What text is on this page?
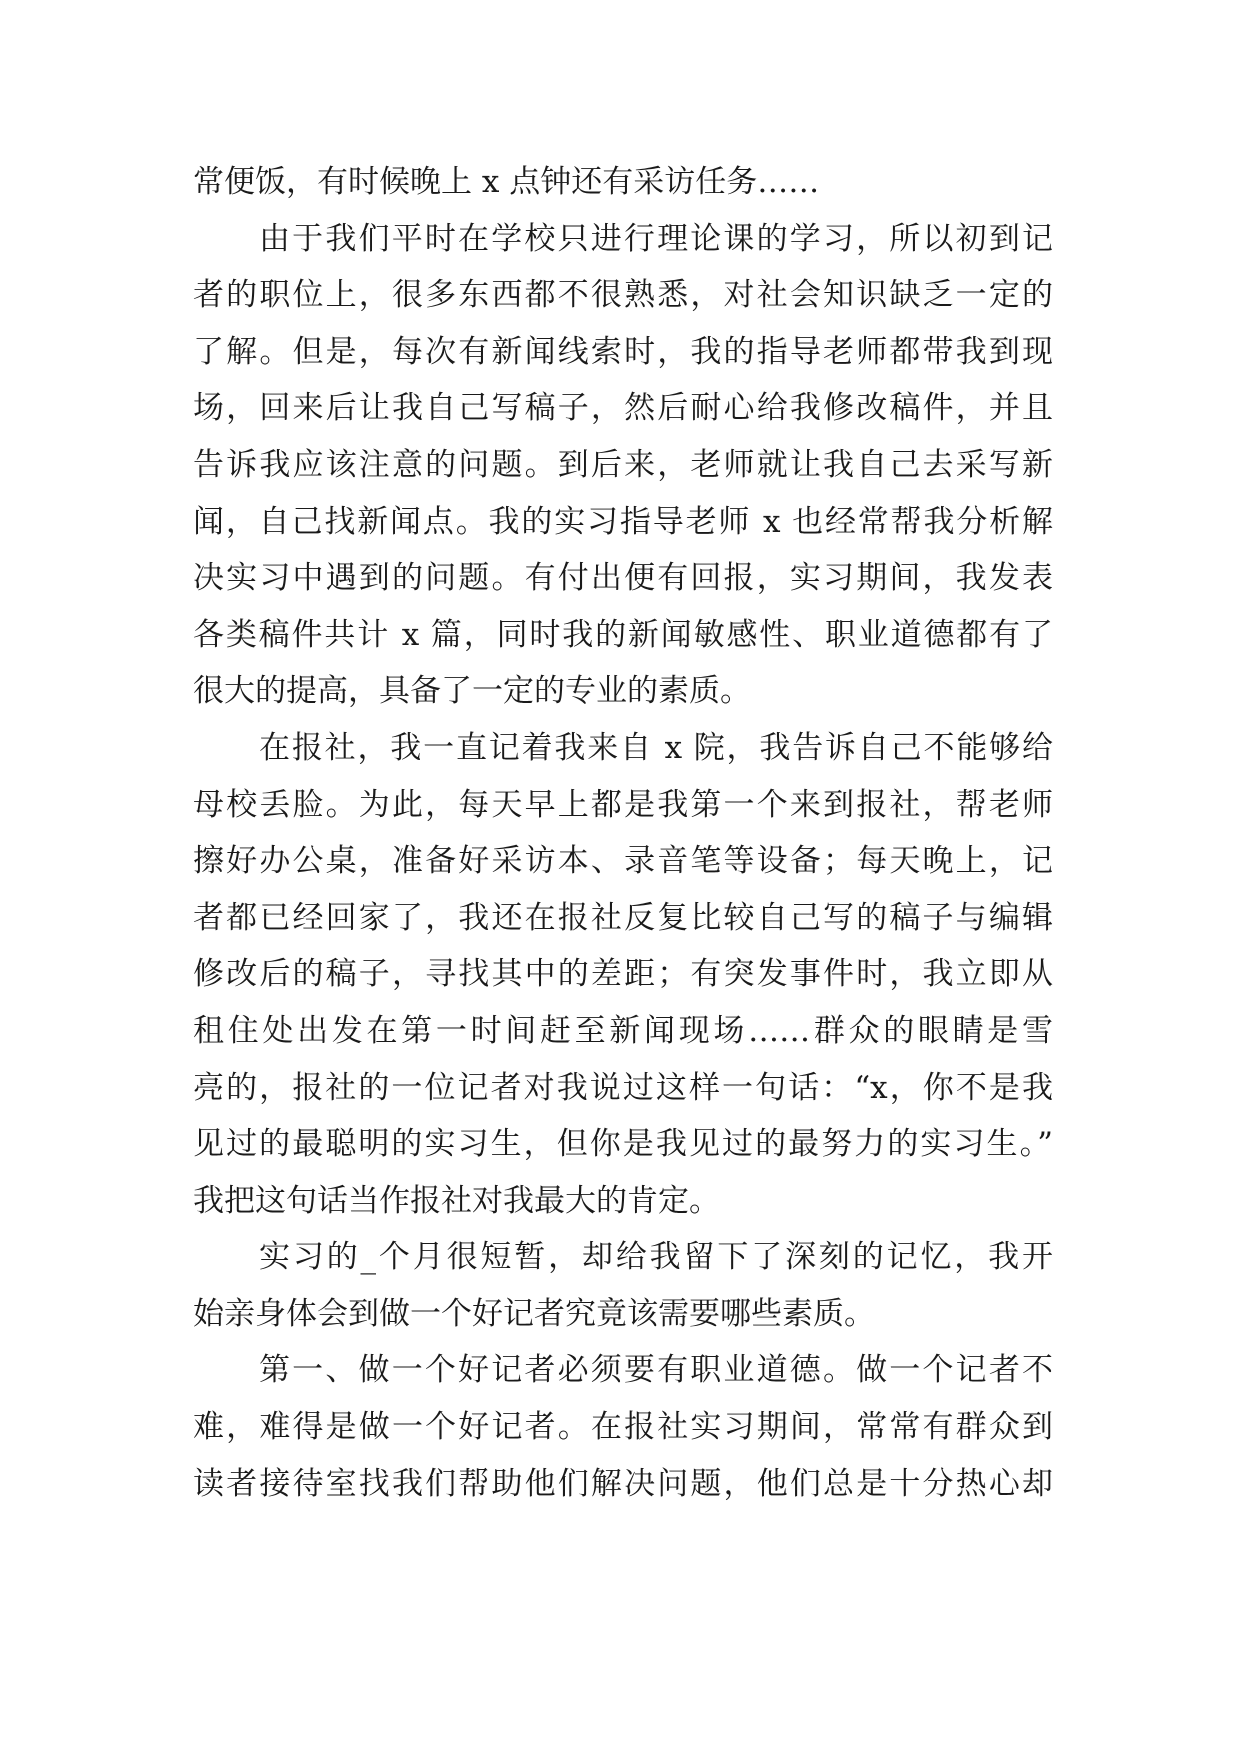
常便饭，有时候晚上 x 点钟还有采访任务……
由于我们平时在学校只进行理论课的学习，所以初到记
者的职位上，很多东西都不很熟悉，对社会知识缺乏一定的
了解。但是，每次有新闻线索时，我的指导老师都带我到现
场，回来后让我自己写稿子，然后耐心给我修改稿件，并且
告诉我应该注意的问题。到后来，老师就让我自己去采写新
闻，自己找新闻点。我的实习指导老师 x 也经常帮我分析解
决实习中遇到的问题。有付出便有回报，实习期间，我发表
各类稿件共计 x 篇，同时我的新闻敏感性、职业道德都有了
很大的提高，具备了一定的专业的素质。
在报社，我一直记着我来自 x 院，我告诉自己不能够给
母校丢脸。为此，每天早上都是我第一个来到报社，帮老师
擦好办公桌，准备好采访本、录音笔等设备；每天晚上，记
者都已经回家了，我还在报社反复比较自己写的稿子与编辑
修改后的稿子，寻找其中的差距；有突发事件时，我立即从
租住处出发在第一时间赶至新闻现场……群众的眼睛是雪
亮的，报社的一位记者对我说过这样一句话：“x，你不是我
见过的最聪明的实习生，但你是我见过的最努力的实习生。”
我把这句话当作报社对我最大的肯定。
实习的_个月很短暂，却给我留下了深刻的记忆，我开
始亲身体会到做一个好记者究竟该需要哪些素质。
第一、做一个好记者必须要有职业道德。做一个记者不
难，难得是做一个好记者。在报社实习期间，常常有群众到
读者接待室找我们帮助他们解决问题，他们总是十分热心却
